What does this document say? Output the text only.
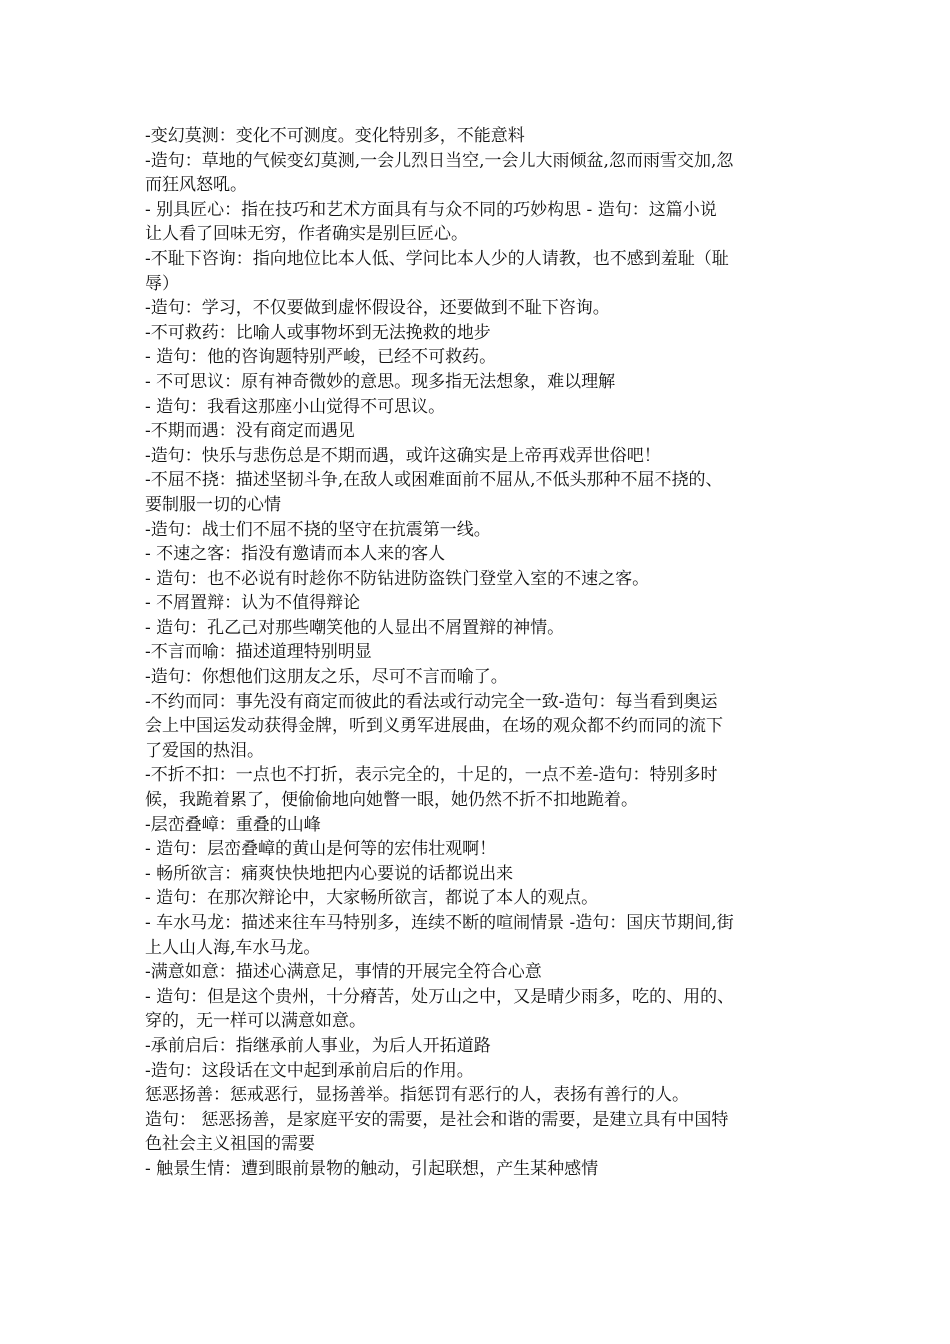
-变幻莫测：变化不可测度。变化特别多，不能意料
-造句：草地的气候变幻莫测,一会儿烈日当空,一会儿大雨倾盆,忽而雨雪交加,忽
而狂风怒吼。
- 别具匠心：指在技巧和艺术方面具有与众不同的巧妙构思 - 造句：这篇小说
让人看了回味无穷，作者确实是别巨匠心。
-不耻下咨询：指向地位比本人低、学问比本人少的人请教，也不感到羞耻（耻
辱）
-造句：学习，不仅要做到虚怀假设谷，还要做到不耻下咨询。
-不可救药：比喻人或事物坏到无法挽救的地步
- 造句：他的咨询题特别严峻，已经不可救药。
- 不可思议：原有神奇微妙的意思。现多指无法想象，难以理解
- 造句：我看这那座小山觉得不可思议。
-不期而遇：没有商定而遇见
-造句：快乐与悲伤总是不期而遇，或许这确实是上帝再戏弄世俗吧！
-不屈不挠：描述坚韧斗争,在敌人或困难面前不屈从,不低头那种不屈不挠的、
要制服一切的心情
-造句：战士们不屈不挠的坚守在抗震第一线。
- 不速之客：指没有邀请而本人来的客人
- 造句：也不必说有时趁你不防钻进防盗铁门登堂入室的不速之客。
- 不屑置辩：认为不值得辩论
- 造句：孔乙己对那些嘲笑他的人显出不屑置辩的神情。
-不言而喻：描述道理特别明显
-造句：你想他们这朋友之乐，尽可不言而喻了。
-不约而同：事先没有商定而彼此的看法或行动完全一致-造句：每当看到奥运
会上中国运发动获得金牌，听到义勇军进展曲，在场的观众都不约而同的流下
了爱国的热泪。
-不折不扣：一点也不打折，表示完全的，十足的，一点不差-造句：特别多时
候，我跪着累了，便偷偷地向她瞥一眼，她仍然不折不扣地跪着。
-层峦叠嶂：重叠的山峰
- 造句：层峦叠嶂的黄山是何等的宏伟壮观啊！
- 畅所欲言：痛爽快快地把内心要说的话都说出来
- 造句：在那次辩论中，大家畅所欲言，都说了本人的观点。
- 车水马龙：描述来往车马特别多，连续不断的喧闹情景 -造句：国庆节期间,街
上人山人海,车水马龙。
-满意如意：描述心满意足，事情的开展完全符合心意
- 造句：但是这个贵州，十分瘠苦，处万山之中，又是晴少雨多，吃的、用的、
穿的，无一样可以满意如意。
-承前启后：指继承前人事业，为后人开拓道路
-造句：这段话在文中起到承前启后的作用。
惩恶扬善：惩戒恶行，显扬善举。指惩罚有恶行的人，表扬有善行的人。
造句： 惩恶扬善，是家庭平安的需要，是社会和谐的需要，是建立具有中国特
色社会主义祖国的需要
- 触景生情：遭到眼前景物的触动，引起联想，产生某种感情
